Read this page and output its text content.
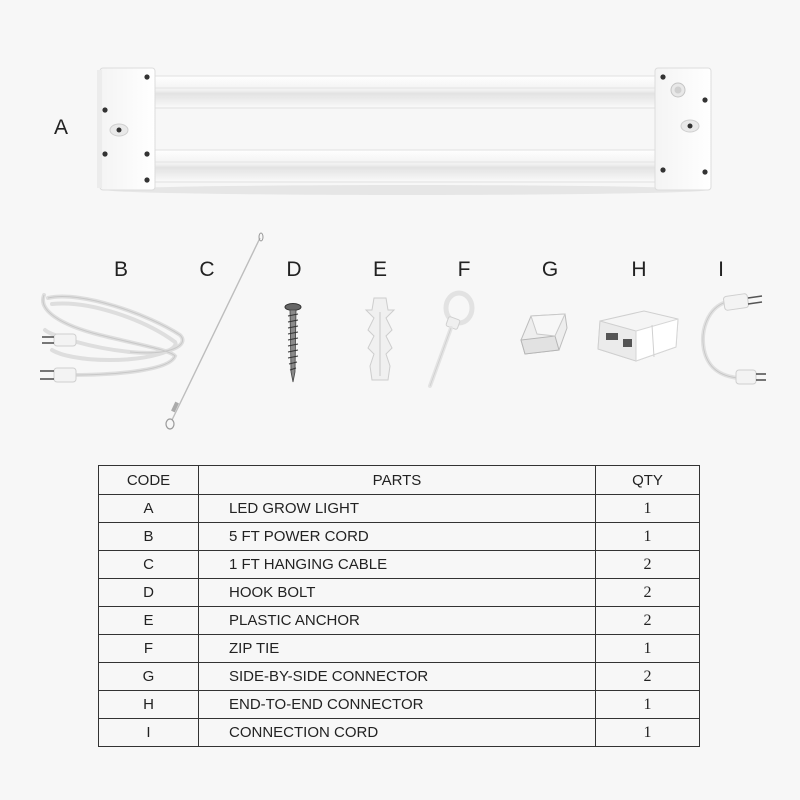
A
B	C	D	E	F	G	H	I
CODE	PARTS	QTY
A	LED GROW LIGHT	1
B	5 FT POWER CORD	1
C	1 FT HANGING CABLE	2
D	HOOK BOLT	2
E	PLASTIC ANCHOR	2
F	ZIP TIE	1
G	SIDE-BY-SIDE CONNECTOR	2
H	END-TO-END CONNECTOR	1
I	CONNECTION CORD	1
